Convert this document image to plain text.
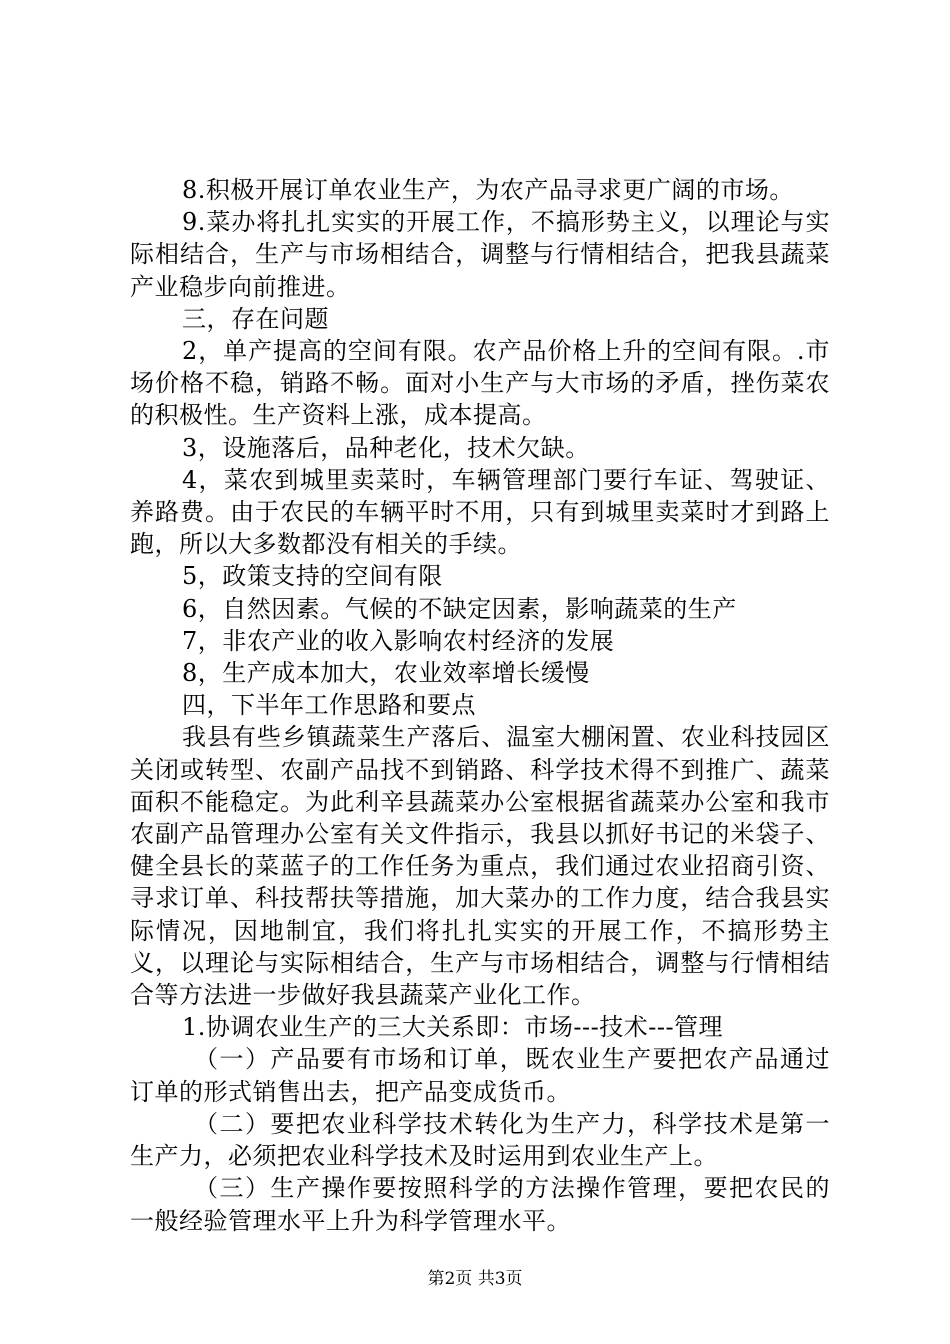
8.积极开展订单农业生产，为农产品寻求更广阔的市场。

9.菜办将扎扎实实的开展工作，不搞形势主义，以理论与实际相结合，生产与市场相结合，调整与行情相结合，把我县蔬菜产业稳步向前推进。

三，存在问题

2，单产提高的空间有限。农产品价格上升的空间有限。.市场价格不稳，销路不畅。面对小生产与大市场的矛盾，挫伤菜农的积极性。生产资料上涨，成本提高。

3，设施落后，品种老化，技术欠缺。

4，菜农到城里卖菜时，车辆管理部门要行车证、驾驶证、养路费。由于农民的车辆平时不用，只有到城里卖菜时才到路上跑，所以大多数都没有相关的手续。

5，政策支持的空间有限

6，自然因素。气候的不缺定因素，影响蔬菜的生产

7，非农产业的收入影响农村经济的发展

8，生产成本加大，农业效率增长缓慢

四，下半年工作思路和要点

我县有些乡镇蔬菜生产落后、温室大棚闲置、农业科技园区关闭或转型、农副产品找不到销路、科学技术得不到推广、蔬菜面积不能稳定。为此利辛县蔬菜办公室根据省蔬菜办公室和我市农副产品管理办公室有关文件指示，我县以抓好书记的米袋子、健全县长的菜蓝子的工作任务为重点，我们通过农业招商引资、寻求订单、科技帮扶等措施，加大菜办的工作力度，结合我县实际情况，因地制宜，我们将扎扎实实的开展工作，不搞形势主义，以理论与实际相结合，生产与市场相结合，调整与行情相结合等方法进一步做好我县蔬菜产业化工作。

1.协调农业生产的三大关系即：市场---技术---管理

（一）产品要有市场和订单，既农业生产要把农产品通过订单的形式销售出去，把产品变成货币。

（二）要把农业科学技术转化为生产力，科学技术是第一生产力，必须把农业科学技术及时运用到农业生产上。

（三）生产操作要按照科学的方法操作管理，要把农民的一般经验管理水平上升为科学管理水平。

第2页 共3页
